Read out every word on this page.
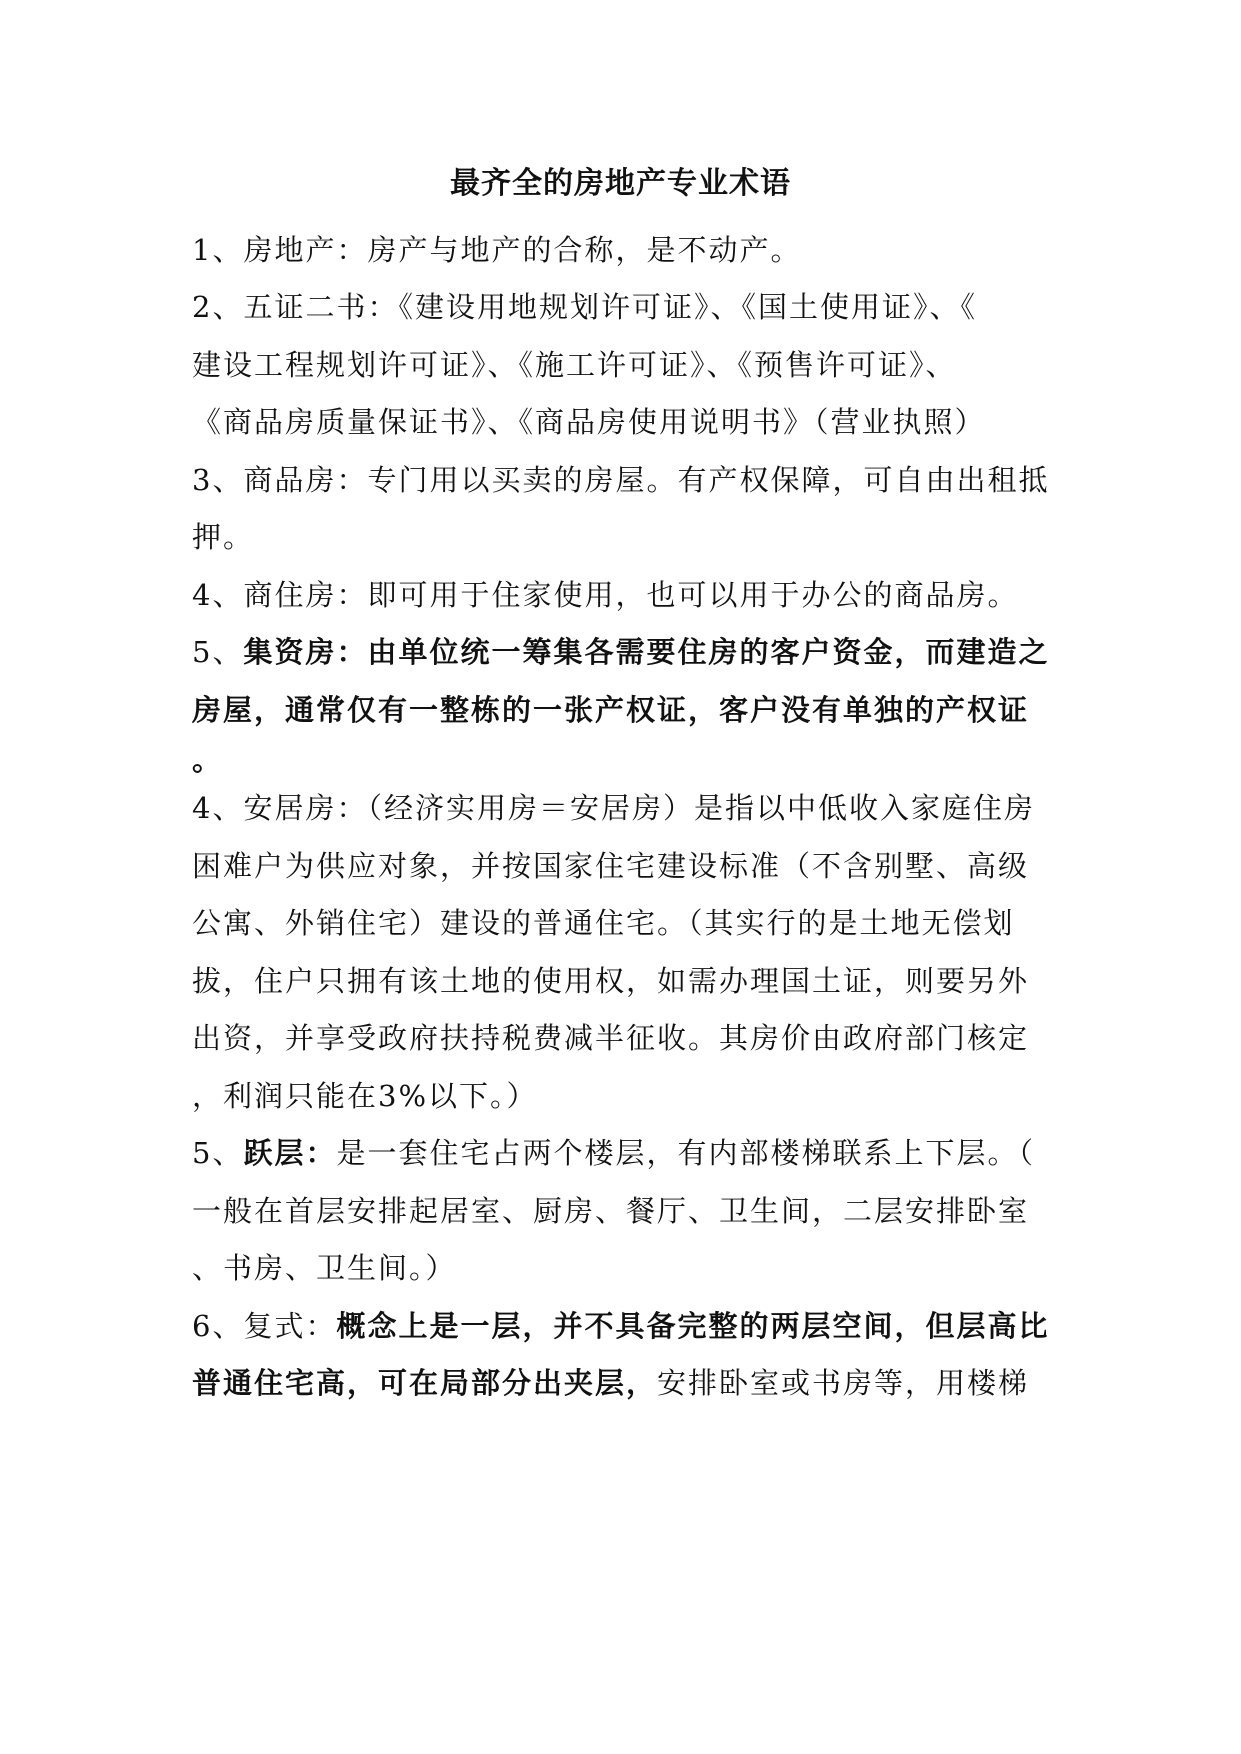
最齐全的房地产专业术语
1、房地产：房产与地产的合称，是不动产。
2、五证二书：《建设用地规划许可证》、《国土使用证》、《
建设工程规划许可证》、《施工许可证》、《预售许可证》、
《商品房质量保证书》、《商品房使用说明书》（营业执照）
3、商品房：专门用以买卖的房屋。有产权保障，可自由出租抵
押。
4、商住房：即可用于住家使用，也可以用于办公的商品房。
5、集资房：由单位统一筹集各需要住房的客户资金，而建造之
房屋，通常仅有一整栋的一张产权证，客户没有单独的产权证
。
4、安居房：（经济实用房＝安居房）是指以中低收入家庭住房
困难户为供应对象，并按国家住宅建设标准（不含别墅、高级
公寓、外销住宅）建设的普通住宅。（其实行的是土地无偿划
拔，住户只拥有该土地的使用权，如需办理国土证，则要另外
出资，并享受政府扶持税费减半征收。其房价由政府部门核定
，利润只能在3%以下。）
5、跃层：是一套住宅占两个楼层，有内部楼梯联系上下层。（
一般在首层安排起居室、厨房、餐厅、卫生间，二层安排卧室
、书房、卫生间。）
6、复式：概念上是一层，并不具备完整的两层空间，但层高比
普通住宅高，可在局部分出夹层，安排卧室或书房等，用楼梯
